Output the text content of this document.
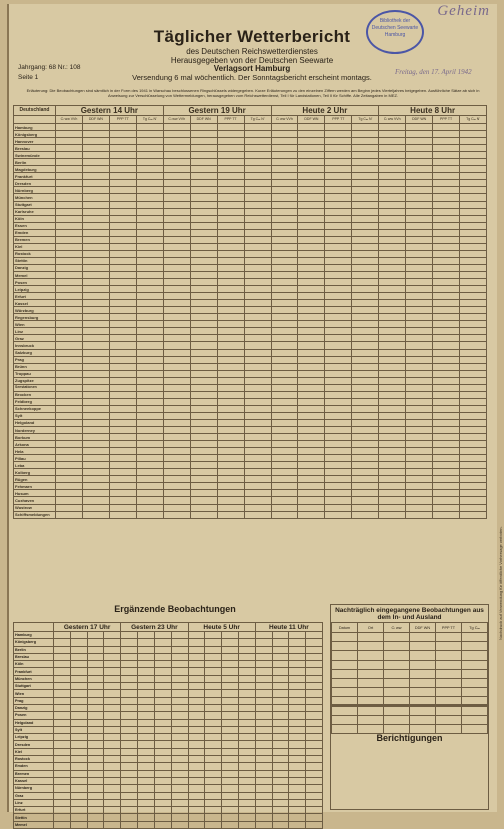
Geheim
Bibliothek der Deutschen Seewarte Hamburg
Täglicher Wetterbericht
des Deutschen Reichswetterdienstes
Herausgegeben von der Deutschen Seewarte
Verlagsort Hamburg
Versendung 6 mal wöchentlich. Der Sonntagsbericht erscheint montags.
Jahrgang: 68 Nr.: 108
Seite 1
Freitag, den 17. April 1942
Erläuterung: Die Beobachtungen sind sämtlich in der Form des 1941 in Warschau beschlossenen Ringschlüssels widergegeben. Kurze Erläuterungen zu den einzelnen Ziffern werden am Beginn jedes Vierteljahres beigegeben. Ausführliche Sätze ab sich in Anweisung zur Verschlüsselung von Wettermeldungen, herausgegeben vom Reichswetterdienst, Teil I für Landstationen, Teil II für Schiffe. Alle Zeitangaben in MEZ.
Deutschland	Gestern 14 Uhr				Gestern 19 Uhr				Heute 2 Uhr				Heute 8 Uhr			
	Cₗ ww VVh	DDF WN	PPP TT	Tg Cₘ N'	Cₗ ww VVh	DDF WN	PPP TT	Tg Cₘ N'	Cₗ ww VVh	DDF WN	PPP TT	Tg Cₘ N'	Cₗ ww VVh	DDF WN	PPP TT	Tg Cₘ N'
Hamburg																
Königsberg																
Hannover																
Breslau																
Swinemünde																
Berlin																
Magdeburg																
Frankfurt																
Dresden																
Nürnberg																
München																
Stuttgart																
Karlsruhe																
Köln																
Essen																
Emden																
Bremen																
Kiel																
Rostock																
Stettin																
Danzig																
Memel																
Posen																
Leipzig																
Erfurt																
Kassel																
Würzburg																
Regensburg																
Wien																
Linz																
Graz																
Innsbruck																
Salzburg																
Prag																
Brünn																
Troppau																
Zugspitze																
Seestationen																
Brocken																
Feldberg																
Schneekoppe																
Sylt																
Helgoland																
Norderney																
Borkum																
Arkona																
Hela																
Pillau																
Leba																
Kolberg																
Rügen																
Fehmarn																
Husum																
Cuxhaven																
Wustrow																
Schiffsmeldungen																
Ergänzende Beobachtungen
	Gestern 17 Uhr				Gestern 23 Uhr				Heute 5 Uhr				Heute 11 Uhr			
Hamburg																
Königsberg																
Berlin																
Breslau																
Köln																
Frankfurt																
München																
Stuttgart																
Wien																
Prag																
Danzig																
Posen																
Helgoland																
Sylt																
Leipzig																
Dresden																
Kiel																
Rostock																
Emden																
Bremen																
Kassel																
Nürnberg																
Graz																
Linz																
Erfurt																
Stettin																
Memel																
Nachträglich eingegangene Beobachtungen aus dem In- und Ausland
Datum	Ort	Cₗ ww	DDF WN	PPP TT	Tg Cₘ

Berichtigungen
Nachdruck auf Verwendung für öffentliche Vorhersage verboten.
